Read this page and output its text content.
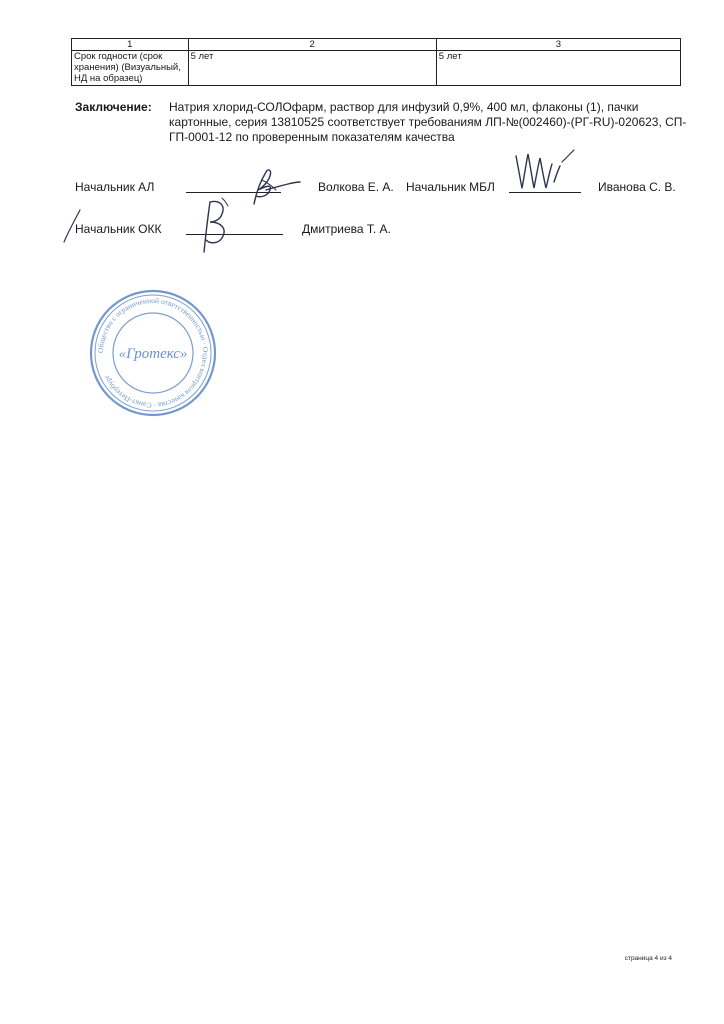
1	2	3
Срок годности (срок хранения) (Визуальный, НД на образец)	5 лет	5 лет
Заключение: Натрия хлорид-СОЛОфарм, раствор для инфузий 0,9%, 400 мл, флаконы (1), пачки картонные, серия 13810525 соответствует требованиям ЛП-№(002460)-(РГ-RU)-020623, СП-ГП-0001-12 по проверенным показателям качества
Начальник АЛ	Волкова Е. А. Начальник МБЛ	Иванова С. В.
Начальник ОКК	Дмитриева Т. А.
Общество с ограниченной ответственностью · Отдел контроля качества · Санкт-Петербург
«Гротекс»
страница 4 из 4
